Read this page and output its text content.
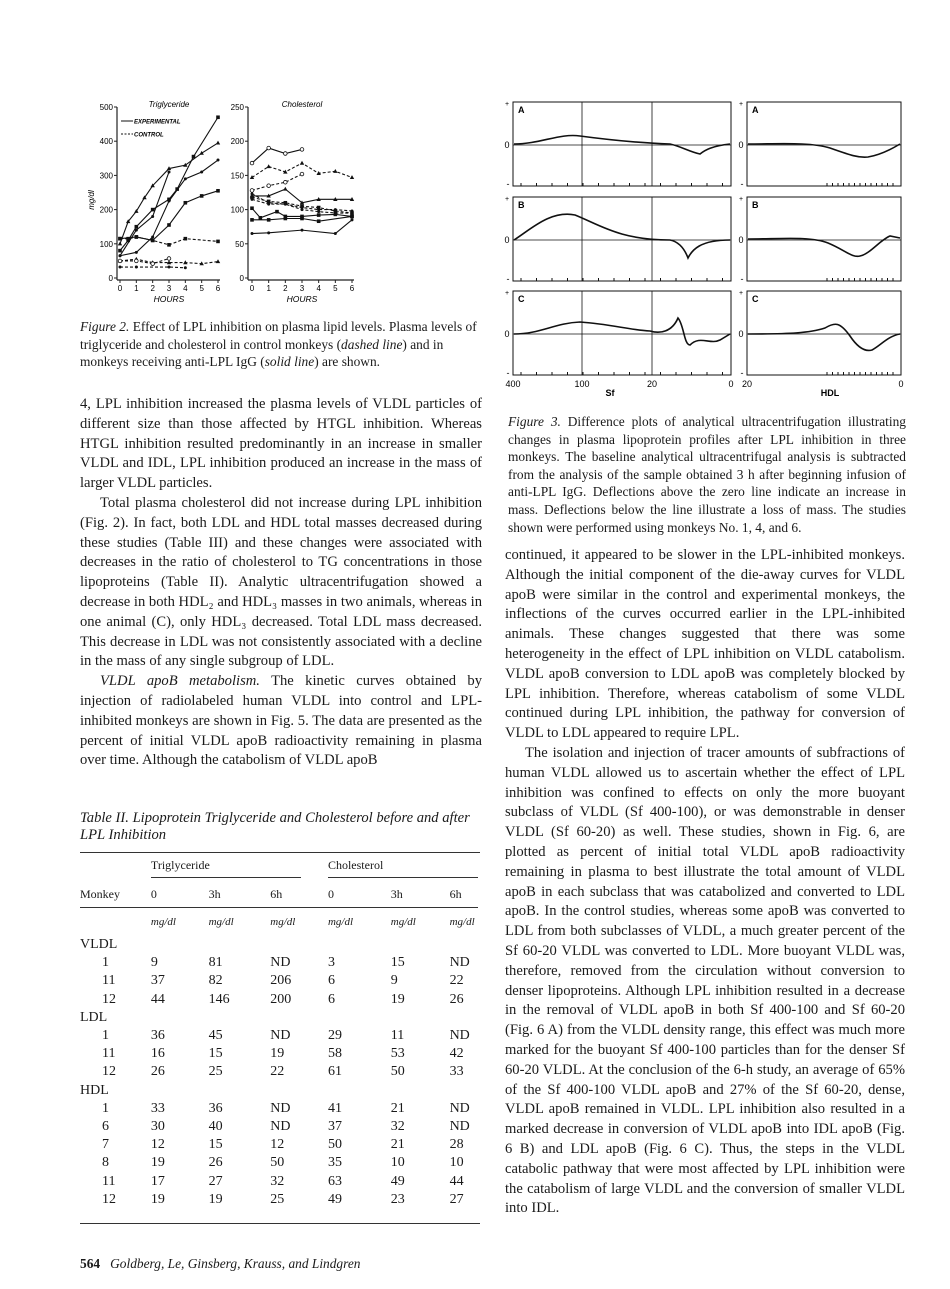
0
100
200
300
400
500
0 1 2 3 4 5 6
HOURS
Triglyceride
mg/dl
EXPERIMENTAL
CONTROL
0
50
100
150
200
250
0 1 2 3 4 5 6
HOURS
Cholesterol
Figure 2. Effect of LPL inhibition on plasma lipid levels. Plasma levels of triglyceride and cholesterol in control monkeys (dashed line) and in monkeys receiving anti-LPL IgG (solid line) are shown.
A
+
0
-
A
+
0
-
B
+
0
-
B
+
0
-
C
+
0
-
C
+
0
-
400	100	20	0 20	0
Sf	HDL
Figure 3. Difference plots of analytical ultracentrifugation illustrating changes in plasma lipoprotein profiles after LPL inhibition in three monkeys. The baseline analytical ultracentrifugal analysis is subtracted from the analysis of the sample obtained 3 h after beginning infusion of anti-LPL IgG. Deflections above the zero line indicate an increase in mass. Deflections below the line illustrate a loss of mass. The studies shown were performed using monkeys No. 1, 4, and 6.

4, LPL inhibition increased the plasma levels of VLDL particles of different size than those affected by HTGL inhibition. Whereas HTGL inhibition resulted predominantly in an increase in smaller VLDL and IDL, LPL inhibition produced an increase in the mass of larger VLDL particles.

Total plasma cholesterol did not increase during LPL inhibition (Fig. 2). In fact, both LDL and HDL total masses decreased during these studies (Table III) and these changes were associated with decreases in the ratio of cholesterol to TG concentrations in those lipoproteins (Table II). Analytic ultracentrifugation showed a decrease in both HDL₂ and HDL₃ masses in two animals, whereas in one animal (C), only HDL₃ decreased. Total LDL mass decreased. This decrease in LDL was not consistently associated with a decline in the mass of any single subgroup of LDL.

VLDL apoB metabolism. The kinetic curves obtained by injection of radiolabeled human VLDL into control and LPL-inhibited monkeys are shown in Fig. 5. The data are presented as the percent of initial VLDL apoB radioactivity remaining in plasma over time. Although the catabolism of VLDL apoB

continued, it appeared to be slower in the LPL-inhibited monkeys. Although the initial component of the die-away curves for VLDL apoB were similar in the control and experimental monkeys, the inflections of the curves occurred earlier in the LPL-inhibited animals. These changes suggested that there was some heterogeneity in the effect of LPL inhibition on VLDL catabolism. VLDL apoB conversion to LDL apoB was completely blocked by LPL inhibition. Therefore, whereas catabolism of some VLDL continued during LPL inhibition, the pathway for conversion of VLDL to LDL appeared to require LPL.

The isolation and injection of tracer amounts of subfractions of human VLDL allowed us to ascertain whether the effect of LPL inhibition was confined to effects on only the more buoyant subclass of VLDL (Sf 400-100), or was demonstrable in denser VLDL (Sf 60-20) as well. These studies, shown in Fig. 6, are plotted as percent of initial total VLDL apoB radioactivity remaining in plasma to best illustrate the total amount of VLDL apoB in each subclass that was catabolized and converted to LDL apoB. In the control studies, whereas some apoB was converted to LDL from both subclasses of VLDL, a much greater percent of the Sf 60-20 VLDL was converted to LDL. More buoyant VLDL was, therefore, removed from the circulation without conversion to denser lipoproteins. Although LPL inhibition resulted in a decrease in the removal of VLDL apoB in both Sf 400-100 and Sf 60-20 (Fig. 6 A) from the VLDL density range, this effect was much more marked for the buoyant Sf 400-100 particles than for the denser Sf 60-20 VLDL. At the conclusion of the 6-h study, an average of 65% of the Sf 400-100 VLDL apoB and 27% of the Sf 60-20, dense, VLDL apoB remained in VLDL. LPL inhibition also resulted in a marked decrease in conversion of VLDL apoB into IDL apoB (Fig. 6 B) and LDL apoB (Fig. 6 C). Thus, the steps in the VLDL catabolic pathway that were most affected by LPL inhibition were the catabolism of large VLDL and the conversion of smaller VLDL into IDL.

Table II. Lipoprotein Triglyceride and Cholesterol before and after LPL Inhibition
	Triglyceride			Cholesterol		
Monkey	0	3h	6h	0	3h	6h
	mg/dl	mg/dl	mg/dl	mg/dl	mg/dl	mg/dl
VLDL						
1	9	81	ND	3	15	ND
11	37	82	206	6	9	22
12	44	146	200	6	19	26
LDL						
1	36	45	ND	29	11	ND
11	16	15	19	58	53	42
12	26	25	22	61	50	33
HDL						
1	33	36	ND	41	21	ND
6	30	40	ND	37	32	ND
7	12	15	12	50	21	28
8	19	26	50	35	10	10
11	17	27	32	63	49	44
12	19	19	25	49	23	27
564 Goldberg, Le, Ginsberg, Krauss, and Lindgren
